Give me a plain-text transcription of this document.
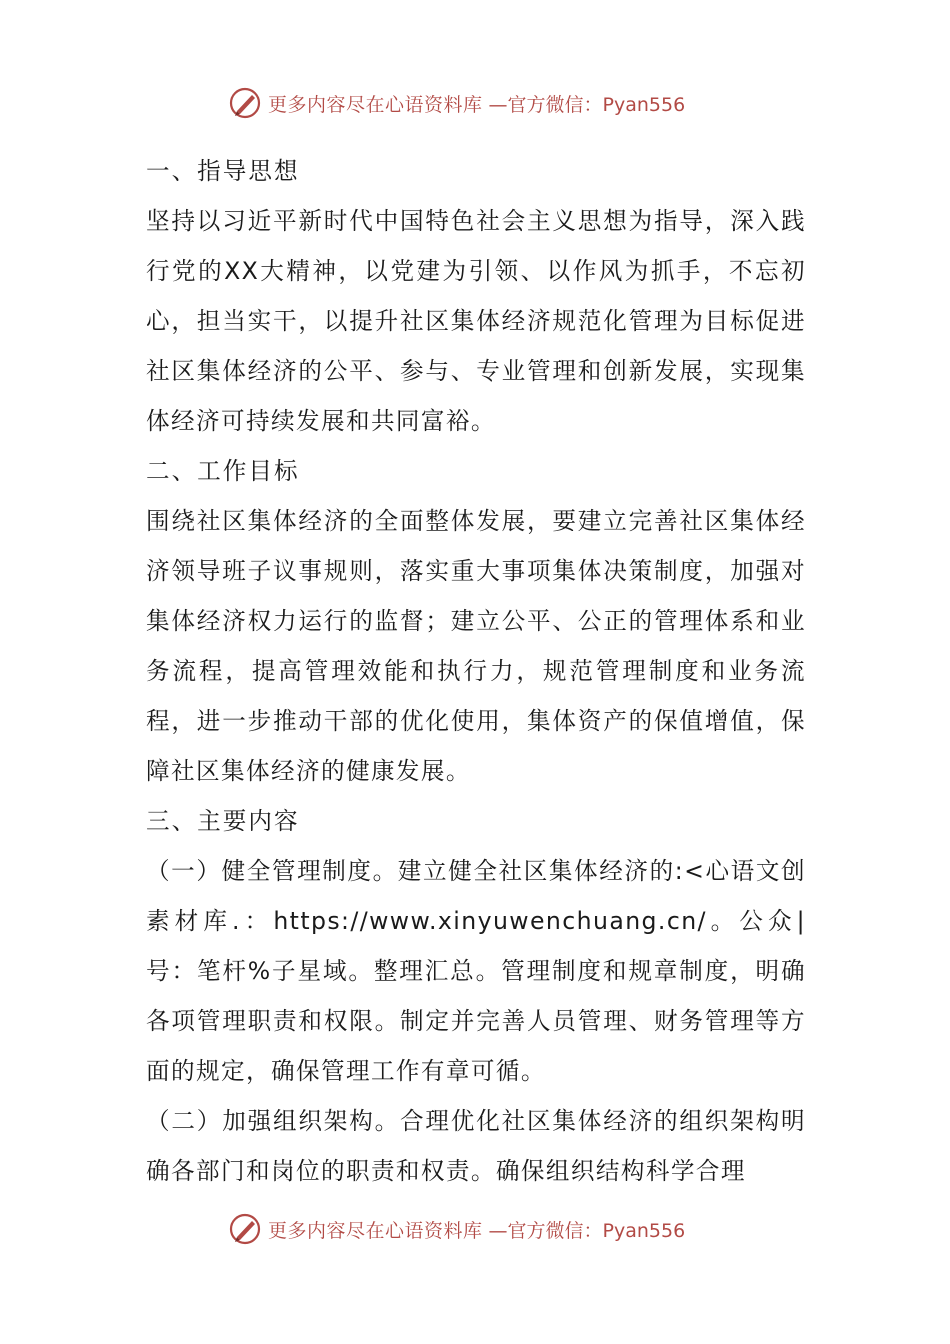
更多内容尽在心语资料库 —官方微信：Pyan556

一、指导思想

坚持以习近平新时代中国特色社会主义思想为指导，深入践行党的XX大精神，以党建为引领、以作风为抓手，不忘初心，担当实干，以提升社区集体经济规范化管理为目标促进社区集体经济的公平、参与、专业管理和创新发展，实现集体经济可持续发展和共同富裕。

二、工作目标

围绕社区集体经济的全面整体发展，要建立完善社区集体经济领导班子议事规则，落实重大事项集体决策制度，加强对集体经济权力运行的监督；建立公平、公正的管理体系和业务流程，提高管理效能和执行力，规范管理制度和业务流程，进一步推动干部的优化使用，集体资产的保值增值，保障社区集体经济的健康发展。

三、主要内容

（一）健全管理制度。建立健全社区集体经济的:<心语文创素材库.：https://www.xinyuwenchuang.cn/。公众|号：笔杆%子星域。整理汇总。管理制度和规章制度，明确各项管理职责和权限。制定并完善人员管理、财务管理等方面的规定，确保管理工作有章可循。

（二）加强组织架构。合理优化社区集体经济的组织架构明确各部门和岗位的职责和权责。确保组织结构科学合理

更多内容尽在心语资料库 —官方微信：Pyan556
